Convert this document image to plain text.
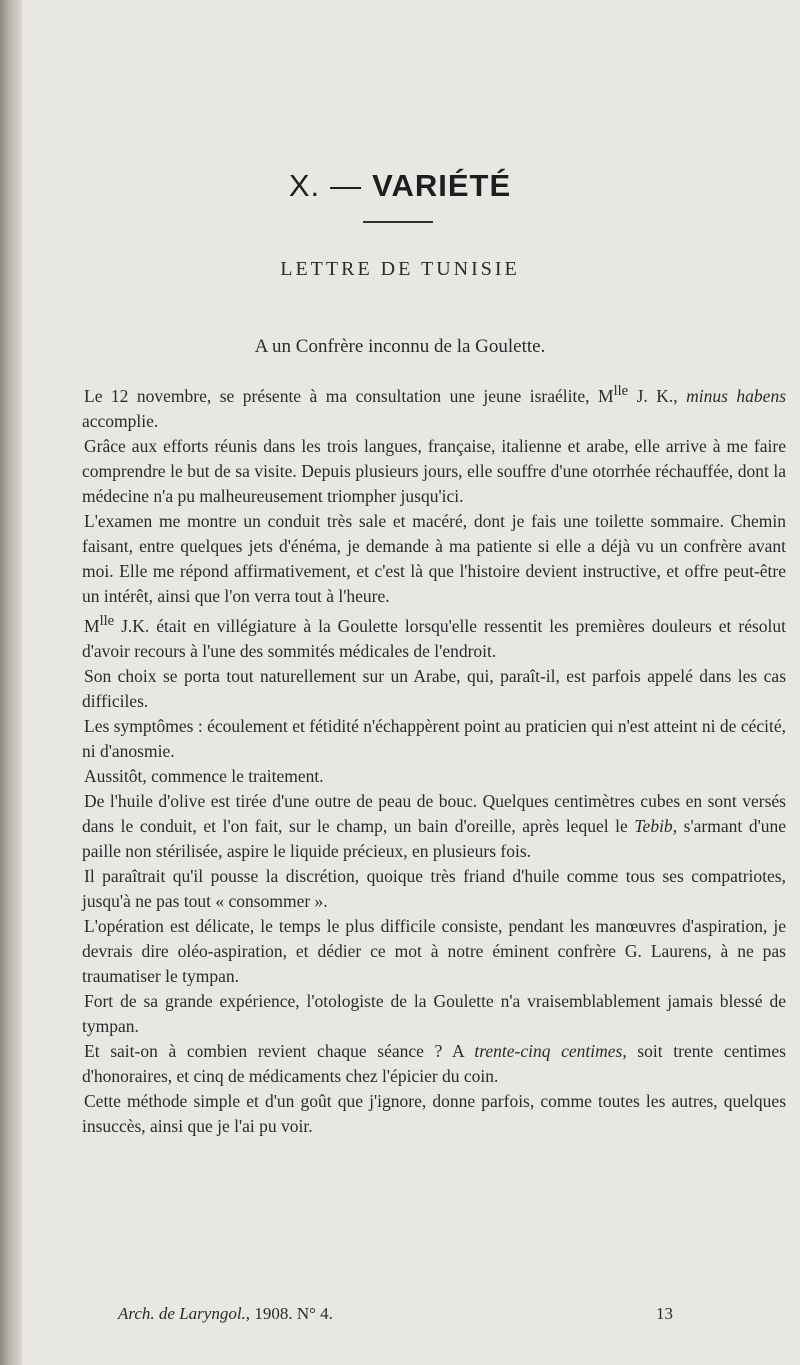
X. — VARIÉTÉ
LETTRE DE TUNISIE
A un Confrère inconnu de la Goulette.

Le 12 novembre, se présente à ma consultation une jeune israélite, $M^{lle}$ J. K., minus habens accomplie.

Grâce aux efforts réunis dans les trois langues, française, italienne et arabe, elle arrive à me faire comprendre le but de sa visite. Depuis plusieurs jours, elle souffre d'une otorrhée réchauffée, dont la médecine n'a pu malheureusement triompher jusqu'ici.

L'examen me montre un conduit très sale et macéré, dont je fais une toilette sommaire. Chemin faisant, entre quelques jets d'énéma, je demande à ma patiente si elle a déjà vu un confrère avant moi. Elle me répond affirmativement, et c'est là que l'histoire devient instructive, et offre peut-être un intérêt, ainsi que l'on verra tout à l'heure.

$M^{lle}$ J.K. était en villégiature à la Goulette lorsqu'elle ressentit les premières douleurs et résolut d'avoir recours à l'une des sommités médicales de l'endroit.

Son choix se porta tout naturellement sur un Arabe, qui, paraît-il, est parfois appelé dans les cas difficiles.

Les symptômes : écoulement et fétidité n'échappèrent point au praticien qui n'est atteint ni de cécité, ni d'anosmie.

Aussitôt, commence le traitement.

De l'huile d'olive est tirée d'une outre de peau de bouc. Quelques centimètres cubes en sont versés dans le conduit, et l'on fait, sur le champ, un bain d'oreille, après lequel le Tebib, s'armant d'une paille non stérilisée, aspire le liquide précieux, en plusieurs fois.

Il paraîtrait qu'il pousse la discrétion, quoique très friand d'huile comme tous ses compatriotes, jusqu'à ne pas tout « consommer ».

L'opération est délicate, le temps le plus difficile consiste, pendant les manœuvres d'aspiration, je devrais dire oléo-aspiration, et dédier ce mot à notre éminent confrère G. Laurens, à ne pas traumatiser le tympan.

Fort de sa grande expérience, l'otologiste de la Goulette n'a vraisemblablement jamais blessé de tympan.

Et sait-on à combien revient chaque séance ? A trente-cinq centimes, soit trente centimes d'honoraires, et cinq de médicaments chez l'épicier du coin.

Cette méthode simple et d'un goût que j'ignore, donne parfois, comme toutes les autres, quelques insuccès, ainsi que je l'ai pu voir.

Arch. de Laryngol., 1908. N° 4.	13
